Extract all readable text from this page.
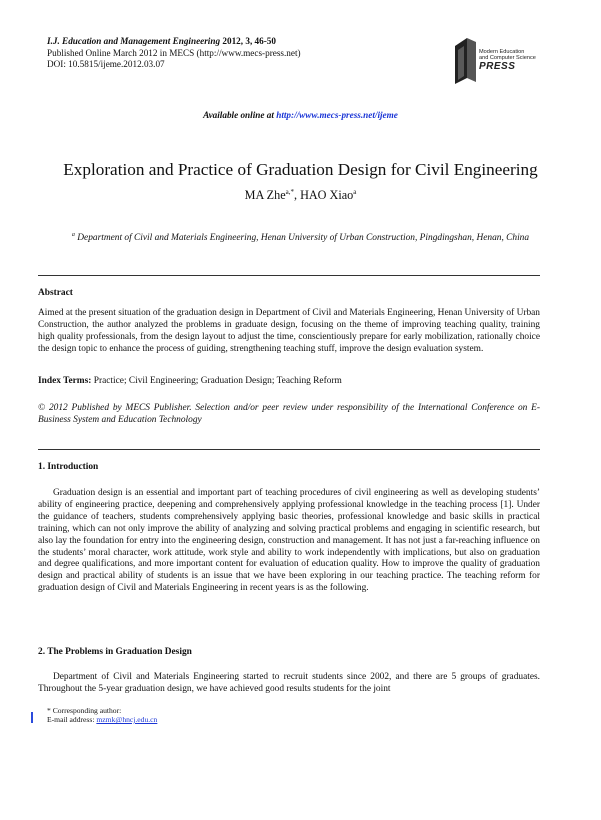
I.J. Education and Management Engineering 2012, 3, 46-50
Published Online March 2012 in MECS (http://www.mecs-press.net)
DOI: 10.5815/ijeme.2012.03.07
Modern Education
and Computer Science
PRESS
Available online at http://www.mecs-press.net/ijeme
Exploration and Practice of Graduation Design for Civil Engineering
MA Zhe$^{a,*}$, HAO Xiao$^a$
$^a$ Department of Civil and Materials Engineering, Henan University of Urban Construction, Pingdingshan, Henan, China
Abstract
Aimed at the present situation of the graduation design in Department of Civil and Materials Engineering, Henan University of Urban Construction, the author analyzed the problems in graduate design, focusing on the theme of improving teaching quality, training high quality professionals, from the design layout to adjust the time, conscientiously prepare for early mobilization, rationally choice the design topic to enhance the process of guiding, strengthening teaching stuff, improve the design evaluation system.
Index Terms: Practice; Civil Engineering; Graduation Design; Teaching Reform
© 2012 Published by MECS Publisher. Selection and/or peer review under responsibility of the International Conference on E-Business System and Education Technology
1. Introduction
Graduation design is an essential and important part of teaching procedures of civil engineering as well as developing students’ ability of engineering practice, deepening and comprehensively applying professional knowledge in the teaching process [1]. Under the guidance of teachers, students comprehensively applying basic theories, professional knowledge and basic skills in practical training, which can not only improve the ability of analyzing and solving practical problems and engaging in scientific research, but also lay the foundation for entry into the engineering design, construction and management. It has not just a far-reaching influence on the students’ moral character, work attitude, work style and ability to work independently with implications, but also on graduation and degree qualifications, and more important content for evaluation of education quality. How to improve the quality of graduation design and practical ability of students is an issue that we have been exploring in our teaching practice. The teaching reform for graduation design of Civil and Materials Engineering in recent years is as the following.
2. The Problems in Graduation Design
Department of Civil and Materials Engineering started to recruit students since 2002, and there are 5 groups of graduates. Throughout the 5-year graduation design, we have achieved good results students for the joint
* Corresponding author:
E-mail address: mzmk@hncj.edu.cn
